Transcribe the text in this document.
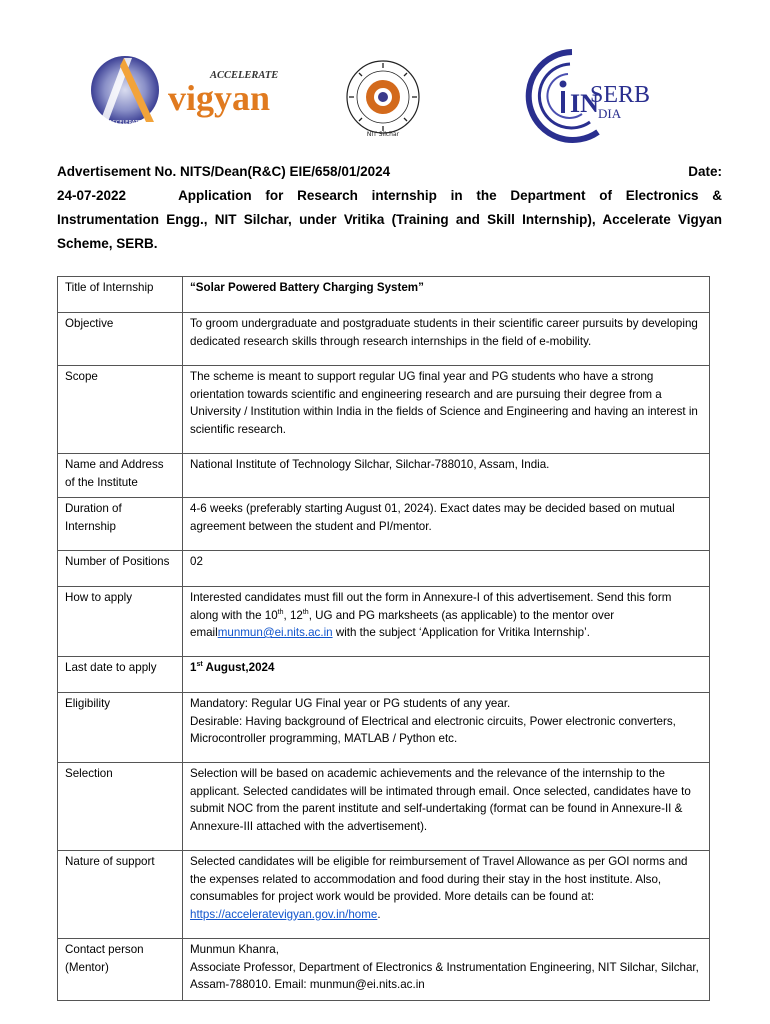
ACCELERATE
ACCELERATE
vigyan
NIT Silchar
IN
SERB
DIA
Advertisement No. NITS/Dean(R&C) EIE/658/01/2024	Date:
24-07-2022	Application for Research internship in the Department of Electronics &
Instrumentation Engg., NIT Silchar, under Vritika (Training and Skill Internship), Accelerate Vigyan
Scheme, SERB.
Title of Internship	“Solar Powered Battery Charging System”
Objective	To groom undergraduate and postgraduate students in their scientific career pursuits by developing dedicated research skills through research internships in the field of e-mobility.
Scope	The scheme is meant to support regular UG final year and PG students who have a strong orientation towards scientific and engineering research and are pursuing their degree from a University / Institution within India in the fields of Science and Engineering and having an interest in scientific research.
Name and Address of the Institute	National Institute of Technology Silchar, Silchar-788010, Assam, India.
Duration of Internship	4-6 weeks (preferably starting August 01, 2024). Exact dates may be decided based on mutual agreement between the student and PI/mentor.
Number of Positions	02
How to apply	Interested candidates must fill out the form in Annexure-I of this advertisement. Send this form along with the 10th, 12th, UG and PG marksheets (as applicable) to the mentor over emailmunmun@ei.nits.ac.in with the subject ‘Application for Vritika Internship’.
Last date to apply	1st August,2024
Eligibility	Mandatory: Regular UG Final year or PG students of any year.
Desirable: Having background of Electrical and electronic circuits, Power electronic converters, Microcontroller programming, MATLAB / Python etc.

Selection	Selection will be based on academic achievements and the relevance of the internship to the applicant. Selected candidates will be intimated through email. Once selected, candidates have to submit NOC from the parent institute and self-undertaking (format can be found in Annexure-II & Annexure-III attached with the advertisement).
Nature of support	Selected candidates will be eligible for reimbursement of Travel Allowance as per GOI norms and the expenses related to accommodation and food during their stay in the host institute. Also, consumables for project work would be provided. More details can be found at: https://acceleratevigyan.gov.in/home.
Contact person (Mentor)	Munmun Khanra,
Associate Professor, Department of Electronics & Instrumentation Engineering, NIT Silchar, Silchar, Assam-788010. Email: munmun@ei.nits.ac.in
